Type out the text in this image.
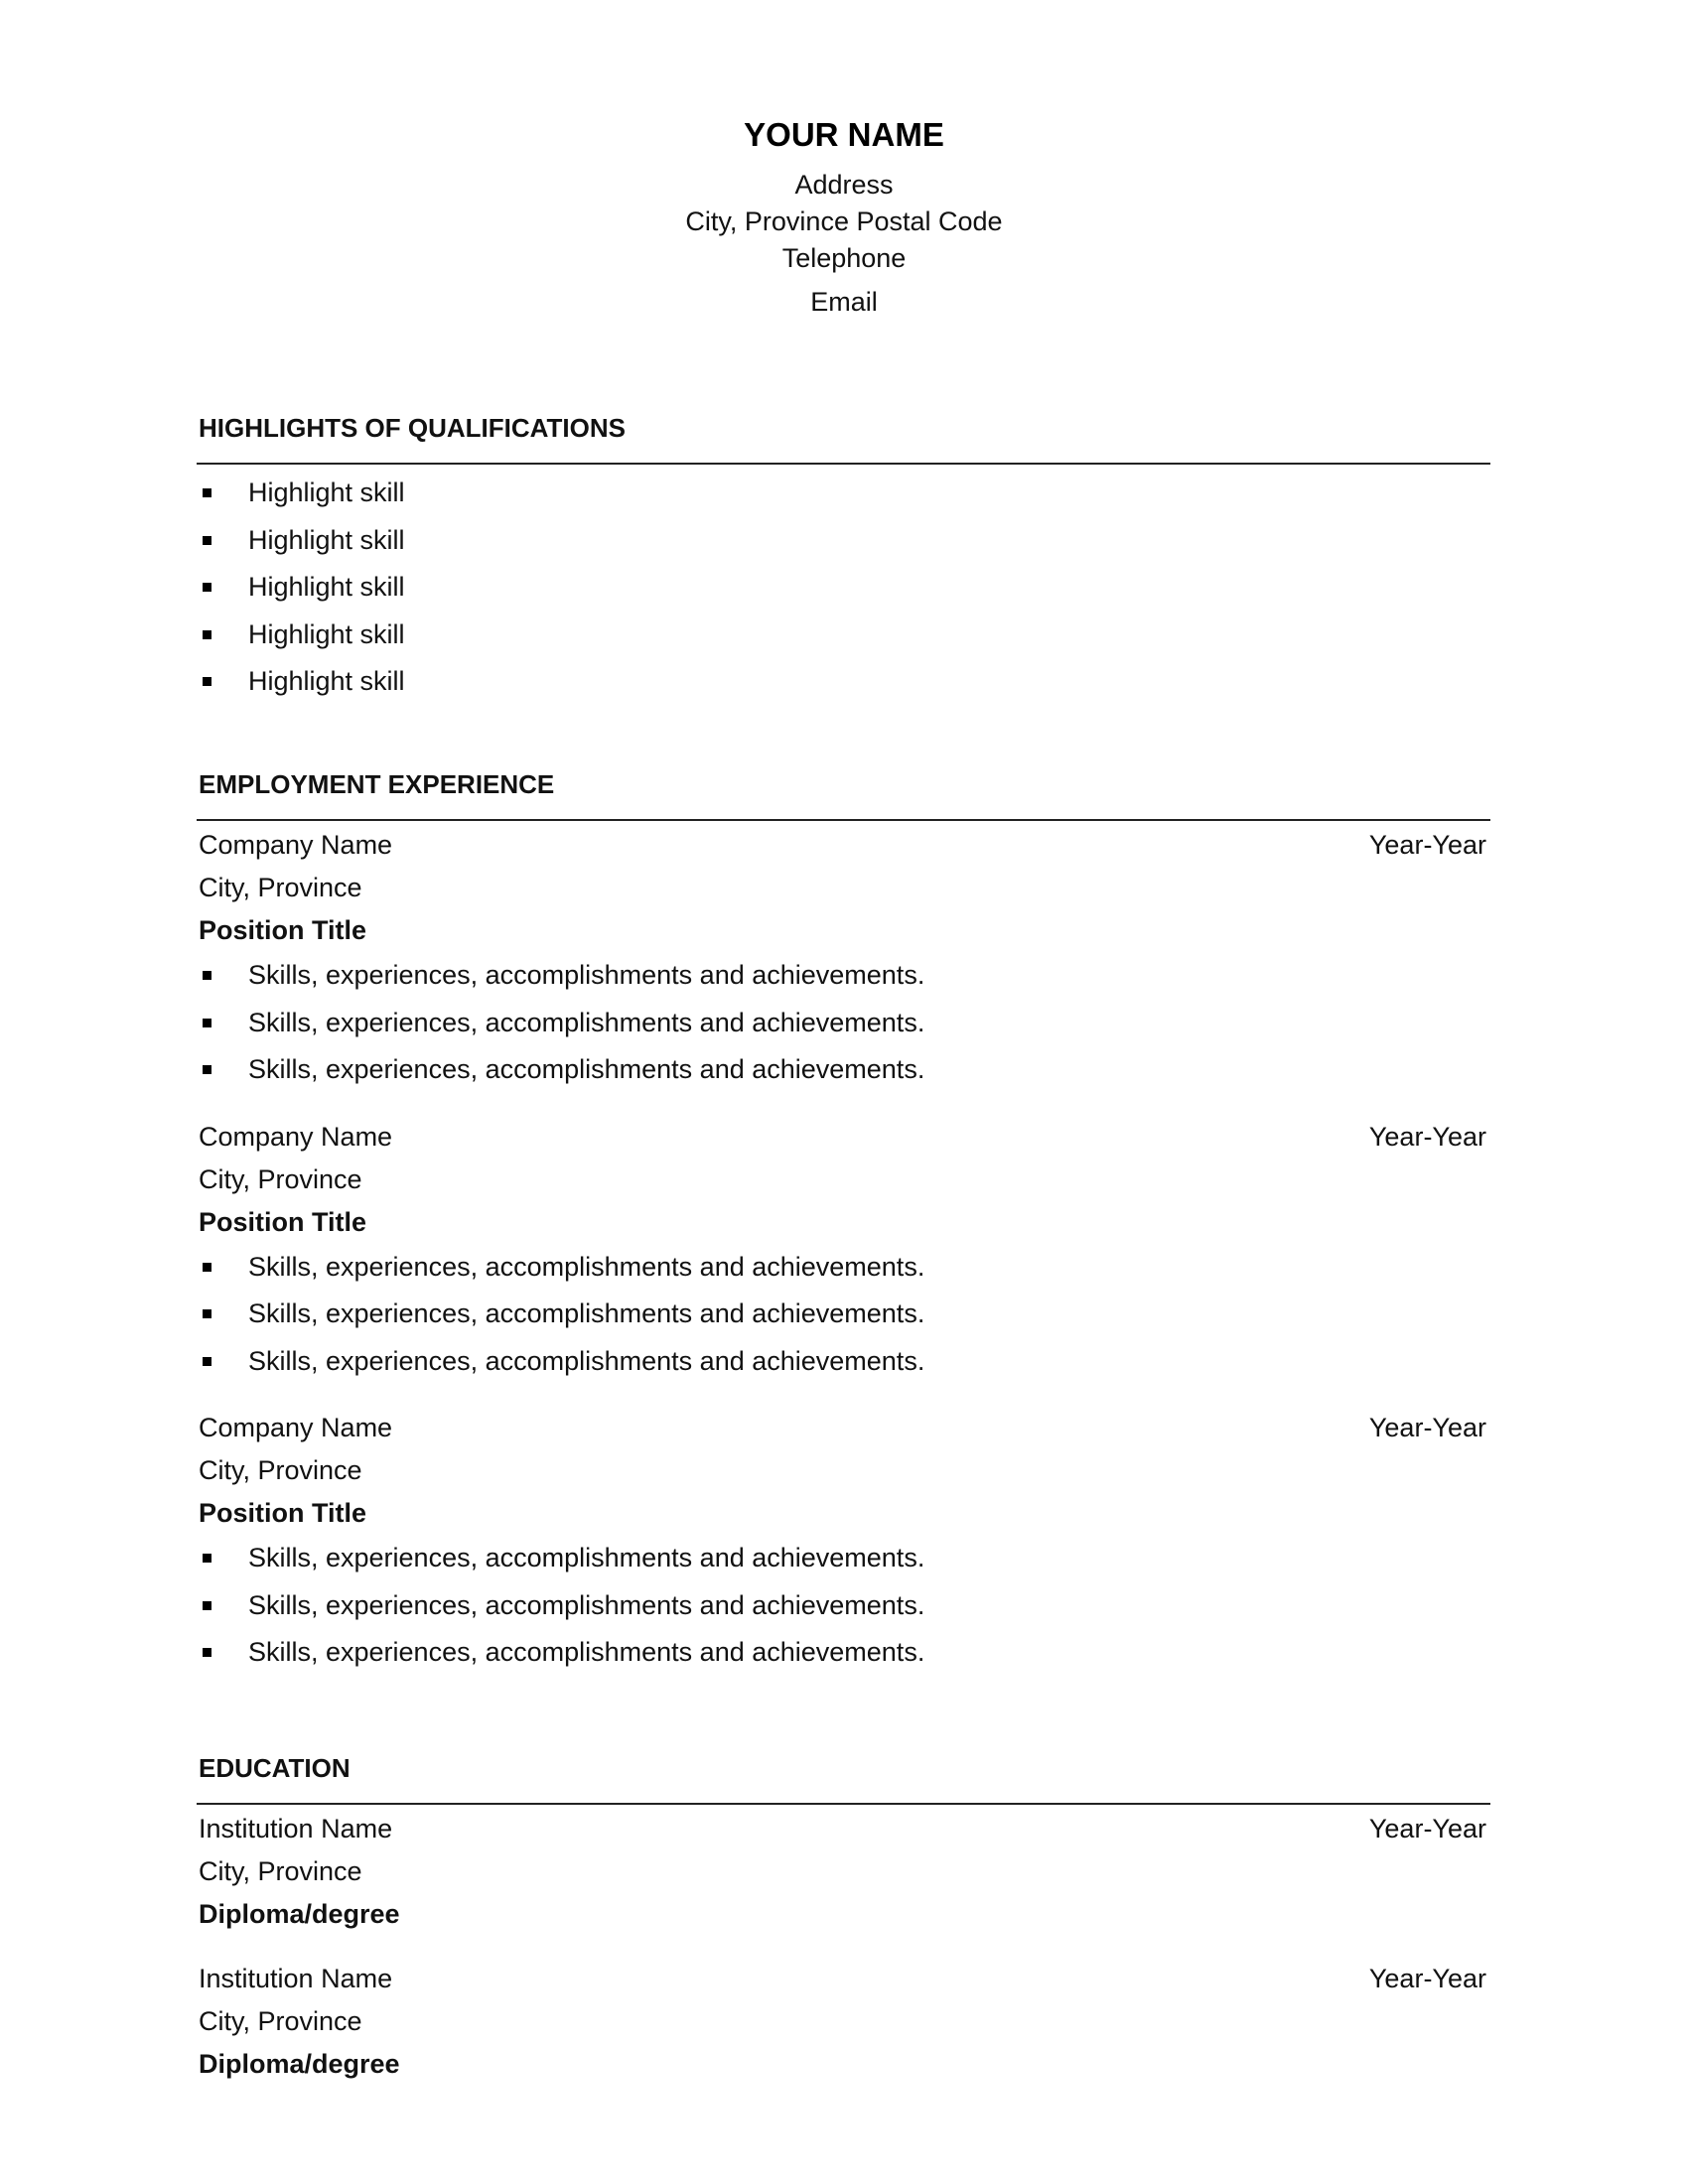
YOUR NAME
Address
City, Province Postal Code
Telephone
Email
HIGHLIGHTS OF QUALIFICATIONS
Highlight skill
Highlight skill
Highlight skill
Highlight skill
Highlight skill
EMPLOYMENT EXPERIENCE
Company Name	Year-Year
City, Province
Position Title
Skills, experiences, accomplishments and achievements.
Skills, experiences, accomplishments and achievements.
Skills, experiences, accomplishments and achievements.
Company Name	Year-Year
City, Province
Position Title
Skills, experiences, accomplishments and achievements.
Skills, experiences, accomplishments and achievements.
Skills, experiences, accomplishments and achievements.
Company Name	Year-Year
City, Province
Position Title
Skills, experiences, accomplishments and achievements.
Skills, experiences, accomplishments and achievements.
Skills, experiences, accomplishments and achievements.
EDUCATION
Institution Name	Year-Year
City, Province
Diploma/degree
Institution Name	Year-Year
City, Province
Diploma/degree
